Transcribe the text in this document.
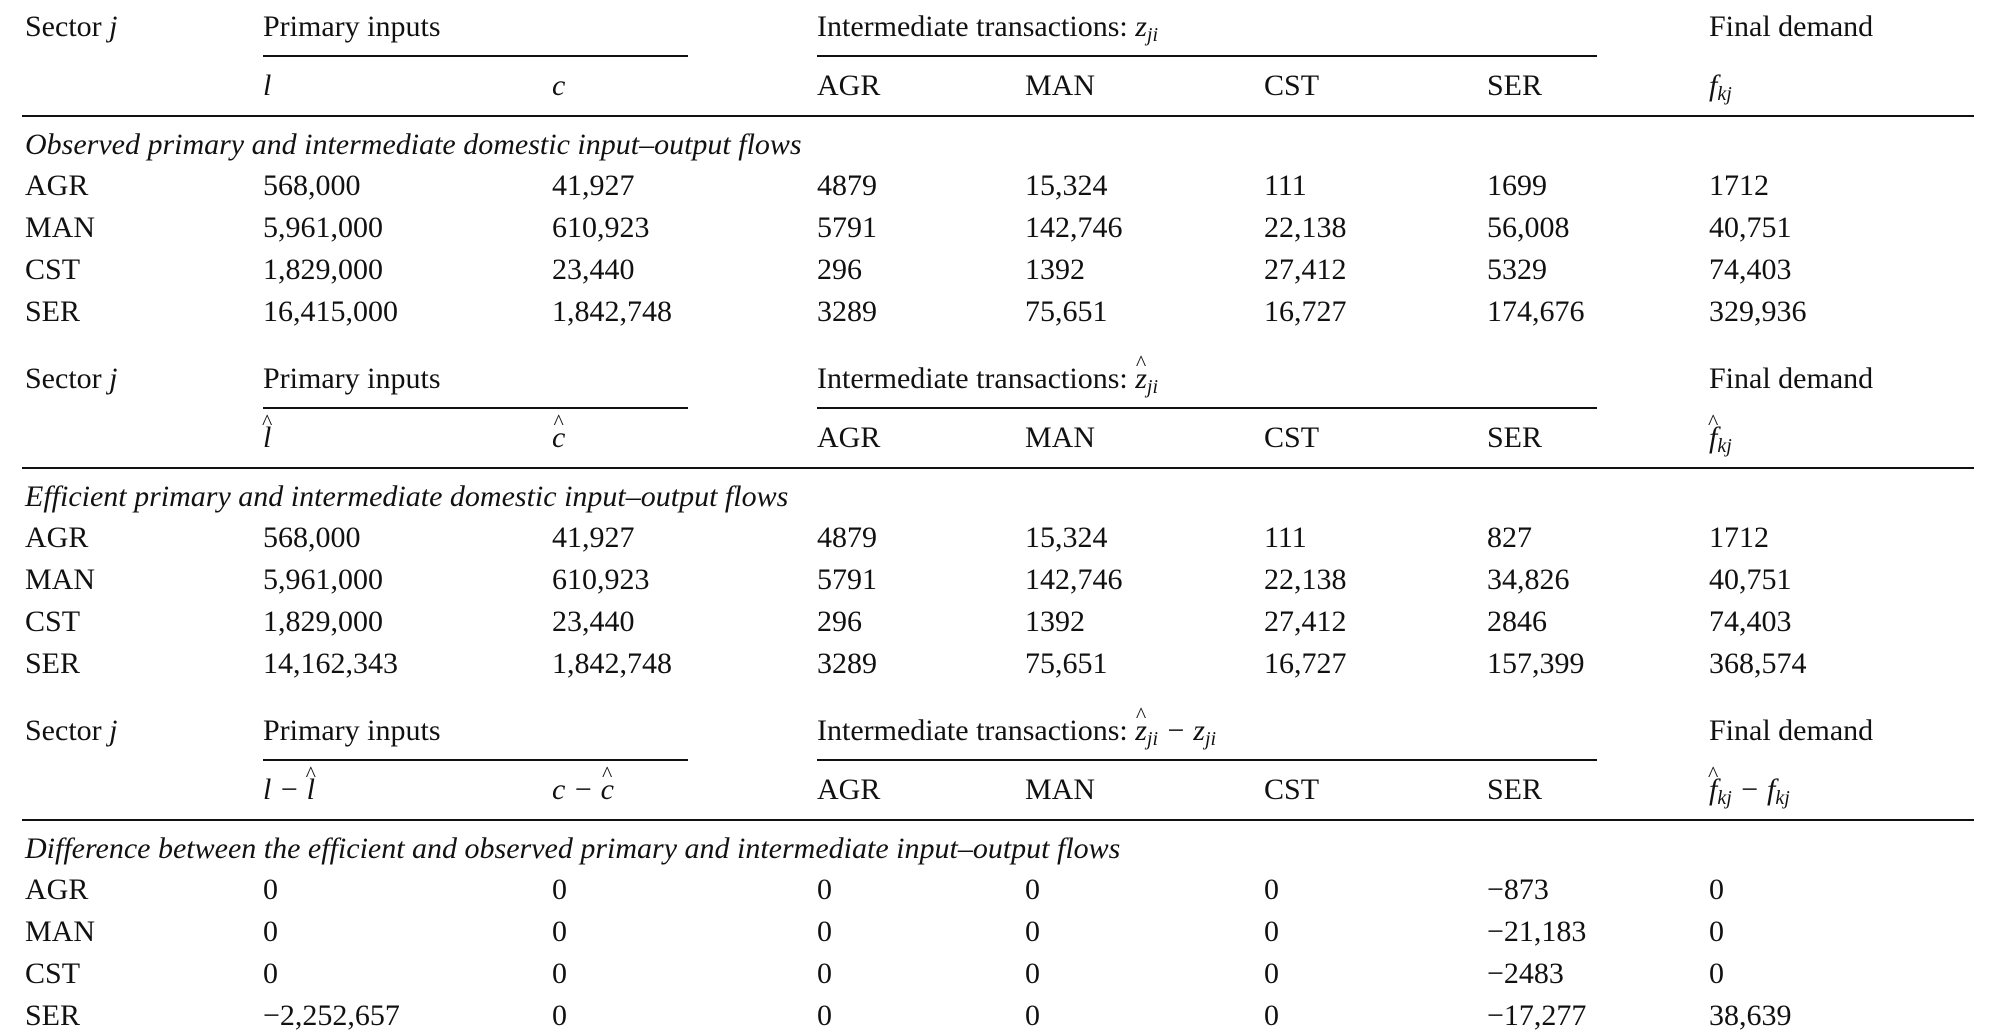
Sector j	Primary inputs	Intermediate transactions: $z_{ji}$	Final demand
l	c	$f_{kj}$
AGR	MAN	CST	SER
Observed primary and intermediate domestic input–output flows
AGR	568,000	41,927	4879	15,324	111	1699	1712
MAN	5,961,000	610,923	5791	142,746	22,138	56,008	40,751
CST	1,829,000	23,440	296	1392	27,412	5329	74,403
SER	16,415,000	1,842,748	3289	75,651	16,727	174,676	329,936
Sector j	Primary inputs	Intermediate transactions: ^ $z_{ji}$	Final demand
^ l	^ c	^ $f_{kj}$
AGR	MAN	CST	SER
Efficient primary and intermediate domestic input–output flows
AGR	568,000	41,927	4879	15,324	111	827	1712
MAN	5,961,000	610,923	5791	142,746	22,138	34,826	40,751
CST	1,829,000	23,440	296	1392	27,412	2846	74,403
SER	14,162,343	1,842,748	3289	75,651	16,727	157,399	368,574
Sector j	Primary inputs	Intermediate transactions: ^ $z_{ji} - z_{ji}$	Final demand
l − ^ l	c − ^ c	^ $f_{kj} - f_{kj}$
AGR	MAN	CST	SER
Difference between the efficient and observed primary and intermediate input–output flows
AGR	0	0	0	0	0	−873	0
MAN	0	0	0	0	0	−21,183	0
CST	0	0	0	0	0	−2483	0
SER	−2,252,657	0	0	0	0	−17,277	38,639
